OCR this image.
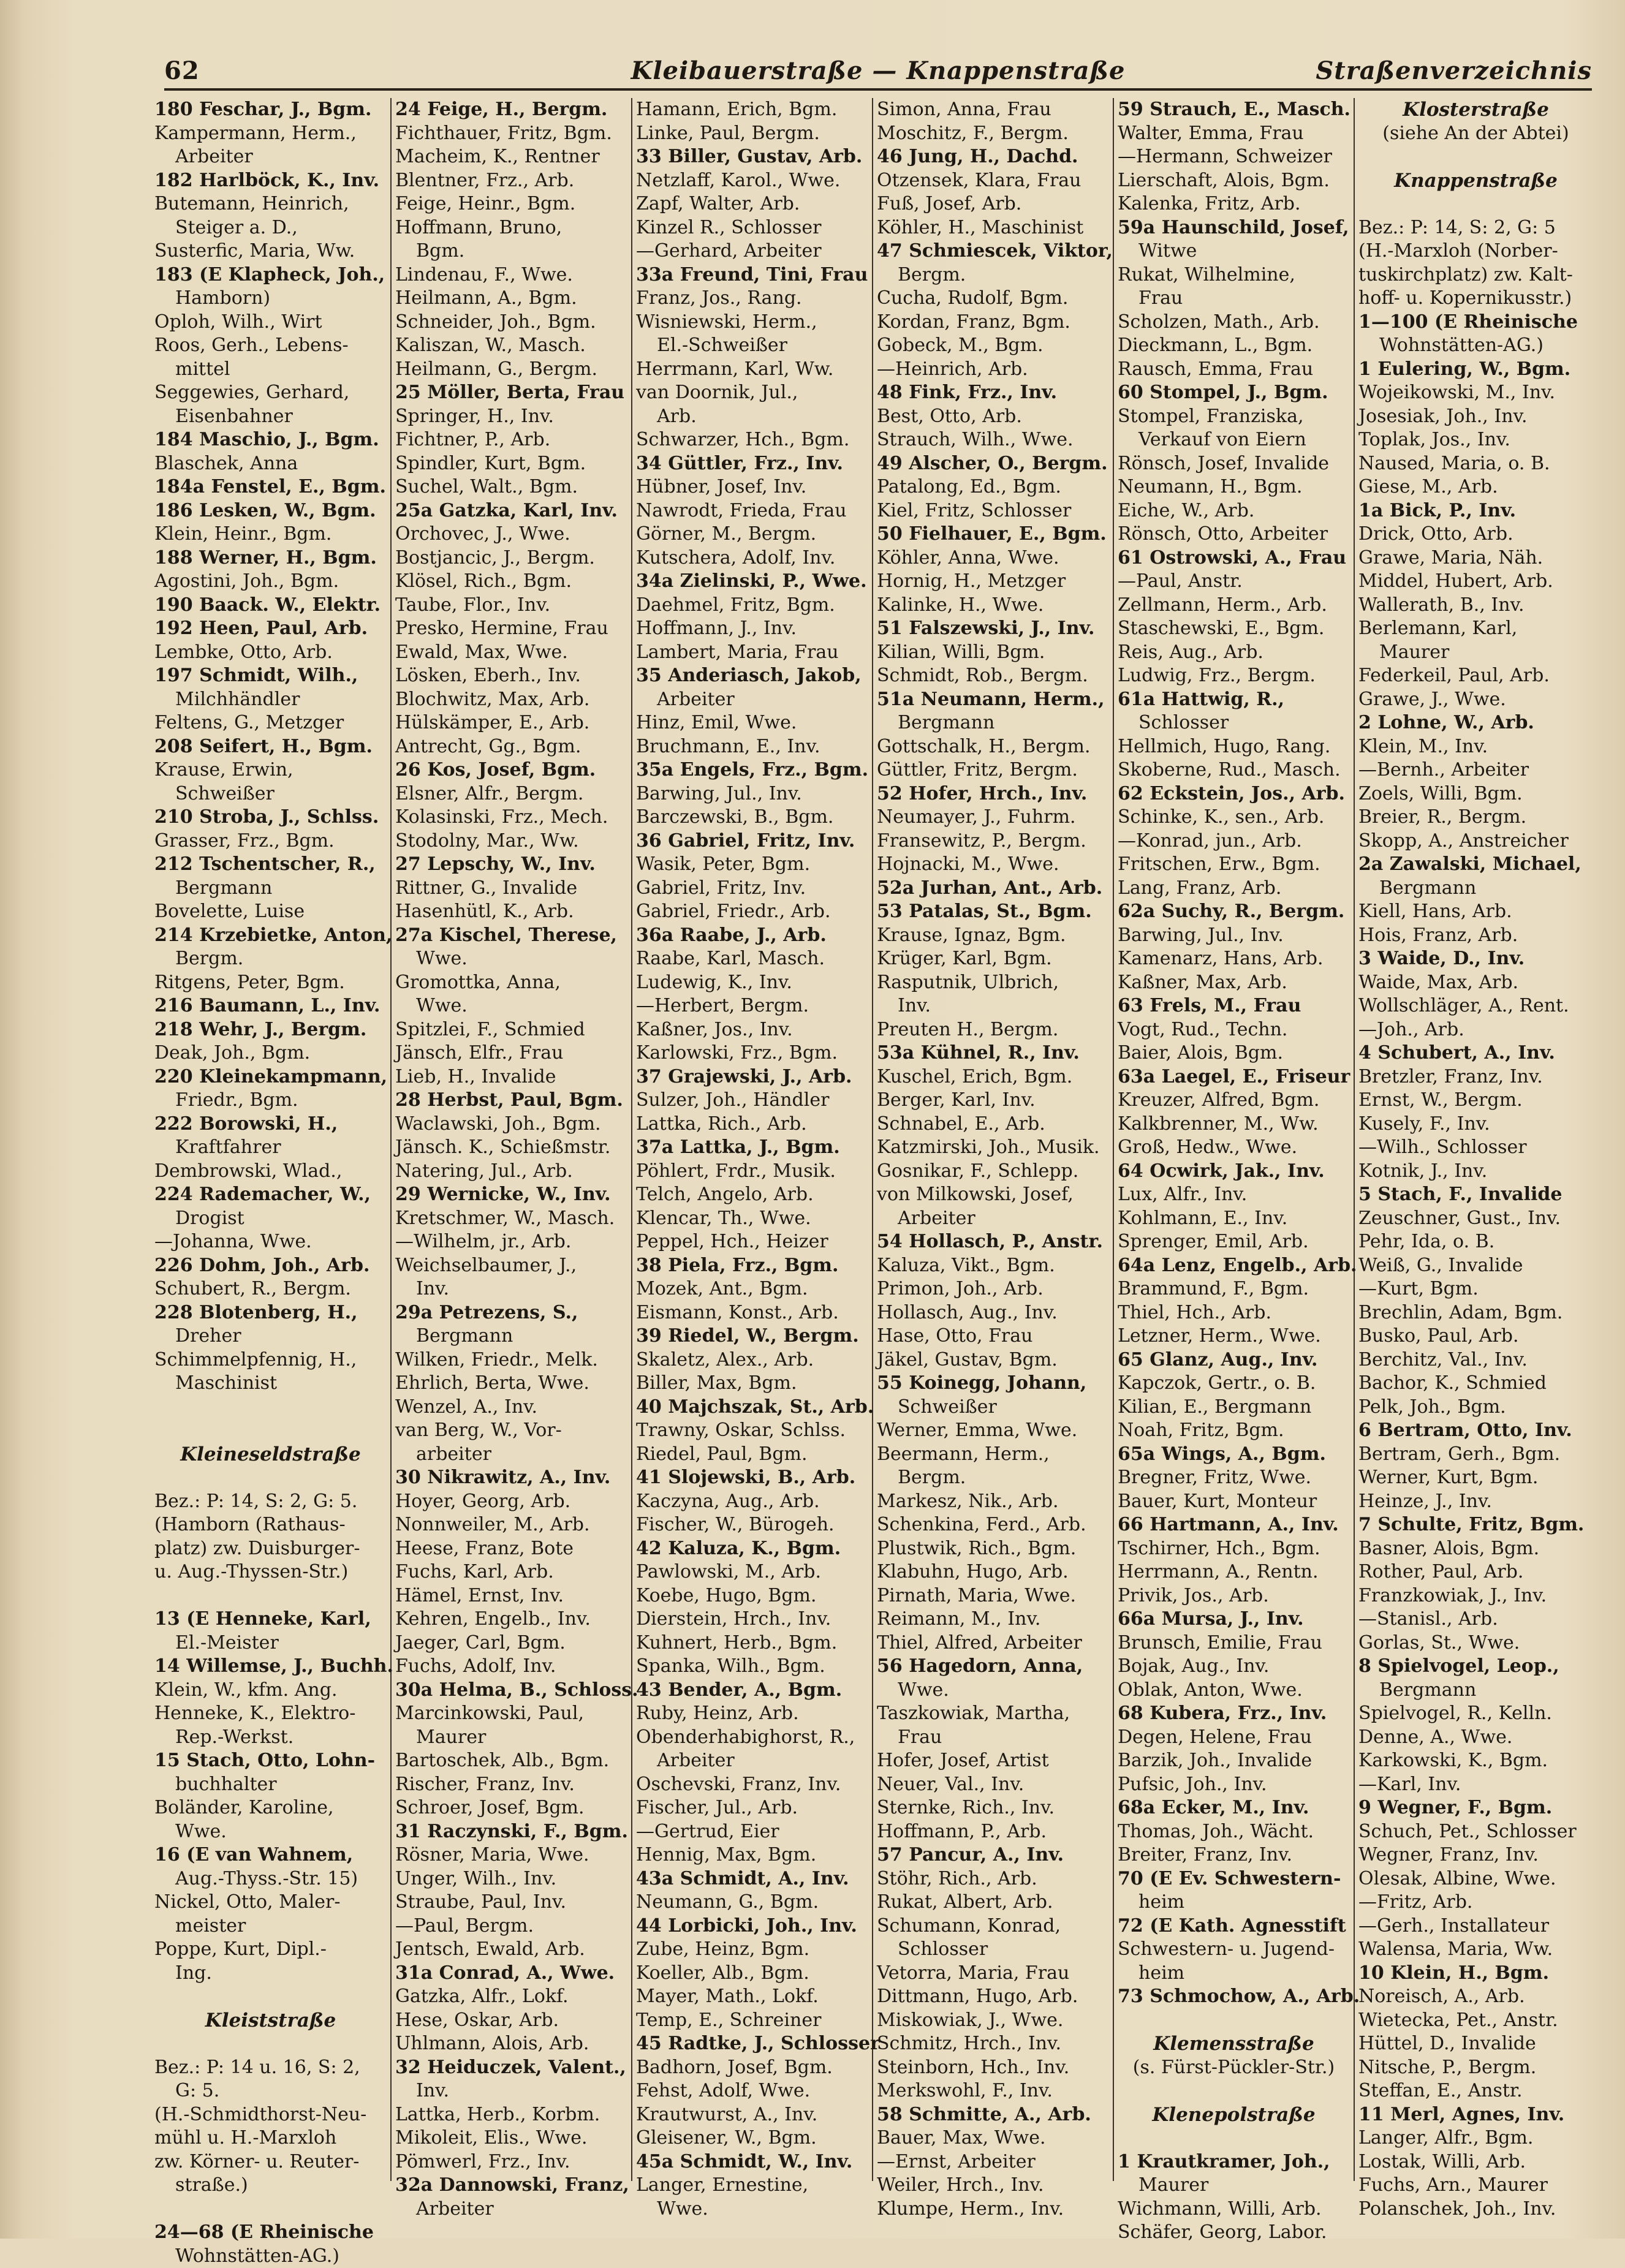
62	Kleibauerstraße — Knappenstraße	Straßenverzeichnis
180 Feschar, J., Bgm.
Kampermann, Herm.,
Arbeiter
182 Harlböck, K., Inv.
Butemann, Heinrich,
Steiger a. D.,
Susterfic, Maria, Ww.
183 (E Klapheck, Joh.,
Hamborn)
Oploh, Wilh., Wirt
Roos, Gerh., Lebens-
mittel
Seggewies, Gerhard,
Eisenbahner
184 Maschio, J., Bgm.
Blaschek, Anna
184a Fenstel, E., Bgm.
186 Lesken, W., Bgm.
Klein, Heinr., Bgm.
188 Werner, H., Bgm.
Agostini, Joh., Bgm.
190 Baack. W., Elektr.
192 Heen, Paul, Arb.
Lembke, Otto, Arb.
197 Schmidt, Wilh.,
Milchhändler
Feltens, G., Metzger
208 Seifert, H., Bgm.
Krause, Erwin,
Schweißer
210 Stroba, J., Schlss.
Grasser, Frz., Bgm.
212 Tschentscher, R.,
Bergmann
Bovelette, Luise
214 Krzebietke, Anton,
Bergm.
Ritgens, Peter, Bgm.
216 Baumann, L., Inv.
218 Wehr, J., Bergm.
Deak, Joh., Bgm.
220 Kleinekampmann,
Friedr., Bgm.
222 Borowski, H.,
Kraftfahrer
Dembrowski, Wlad.,
224 Rademacher, W.,
Drogist
—Johanna, Wwe.
226 Dohm, Joh., Arb.
Schubert, R., Bergm.
228 Blotenberg, H.,
Dreher
Schimmelpfennig, H.,
Maschinist
Kleineseldstraße
Bez.: P: 14, S: 2, G: 5.
(Hamborn (Rathaus-
platz) zw. Duisburger-
u. Aug.-Thyssen-Str.)
13 (E Henneke, Karl,
El.-Meister
14 Willemse, J., Buchh.
Klein, W., kfm. Ang.
Henneke, K., Elektro-
Rep.-Werkst.
15 Stach, Otto, Lohn-
buchhalter
Boländer, Karoline,
Wwe.
16 (E van Wahnem,
Aug.-Thyss.-Str. 15)
Nickel, Otto, Maler-
meister
Poppe, Kurt, Dipl.-
Ing.
Kleiststraße
Bez.: P: 14 u. 16, S: 2,
G: 5.
(H.-Schmidthorst-Neu-
mühl u. H.-Marxloh
zw. Körner- u. Reuter-
straße.)
24—68 (E Rheinische
Wohnstätten-AG.)
24 Feige, H., Bergm.
Fichthauer, Fritz, Bgm.
Macheim, K., Rentner
Blentner, Frz., Arb.
Feige, Heinr., Bgm.
Hoffmann, Bruno,
Bgm.
Lindenau, F., Wwe.
Heilmann, A., Bgm.
Schneider, Joh., Bgm.
Kaliszan, W., Masch.
Heilmann, G., Bergm.
25 Möller, Berta, Frau
Springer, H., Inv.
Fichtner, P., Arb.
Spindler, Kurt, Bgm.
Suchel, Walt., Bgm.
25a Gatzka, Karl, Inv.
Orchovec, J., Wwe.
Bostjancic, J., Bergm.
Klösel, Rich., Bgm.
Taube, Flor., Inv.
Presko, Hermine, Frau
Ewald, Max, Wwe.
Lösken, Eberh., Inv.
Blochwitz, Max, Arb.
Hülskämper, E., Arb.
Antrecht, Gg., Bgm.
26 Kos, Josef, Bgm.
Elsner, Alfr., Bergm.
Kolasinski, Frz., Mech.
Stodolny, Mar., Ww.
27 Lepschy, W., Inv.
Rittner, G., Invalide
Hasenhütl, K., Arb.
27a Kischel, Therese,
Wwe.
Gromottka, Anna,
Wwe.
Spitzlei, F., Schmied
Jänsch, Elfr., Frau
Lieb, H., Invalide
28 Herbst, Paul, Bgm.
Waclawski, Joh., Bgm.
Jänsch. K., Schießmstr.
Natering, Jul., Arb.
29 Wernicke, W., Inv.
Kretschmer, W., Masch.
—Wilhelm, jr., Arb.
Weichselbaumer, J.,
Inv.
29a Petrezens, S.,
Bergmann
Wilken, Friedr., Melk.
Ehrlich, Berta, Wwe.
Wenzel, A., Inv.
van Berg, W., Vor-
arbeiter
30 Nikrawitz, A., Inv.
Hoyer, Georg, Arb.
Nonnweiler, M., Arb.
Heese, Franz, Bote
Fuchs, Karl, Arb.
Hämel, Ernst, Inv.
Kehren, Engelb., Inv.
Jaeger, Carl, Bgm.
Fuchs, Adolf, Inv.
30a Helma, B., Schloss.
Marcinkowski, Paul,
Maurer
Bartoschek, Alb., Bgm.
Rischer, Franz, Inv.
Schroer, Josef, Bgm.
31 Raczynski, F., Bgm.
Rösner, Maria, Wwe.
Unger, Wilh., Inv.
Straube, Paul, Inv.
—Paul, Bergm.
Jentsch, Ewald, Arb.
31a Conrad, A., Wwe.
Gatzka, Alfr., Lokf.
Hese, Oskar, Arb.
Uhlmann, Alois, Arb.
32 Heiduczek, Valent.,
Inv.
Lattka, Herb., Korbm.
Mikoleit, Elis., Wwe.
Pömwerl, Frz., Inv.
32a Dannowski, Franz,
Arbeiter
Hamann, Erich, Bgm.
Linke, Paul, Bergm.
33 Biller, Gustav, Arb.
Netzlaff, Karol., Wwe.
Zapf, Walter, Arb.
Kinzel R., Schlosser
—Gerhard, Arbeiter
33a Freund, Tini, Frau
Franz, Jos., Rang.
Wisniewski, Herm.,
El.-Schweißer
Herrmann, Karl, Ww.
van Doornik, Jul.,
Arb.
Schwarzer, Hch., Bgm.
34 Güttler, Frz., Inv.
Hübner, Josef, Inv.
Nawrodt, Frieda, Frau
Görner, M., Bergm.
Kutschera, Adolf, Inv.
34a Zielinski, P., Wwe.
Daehmel, Fritz, Bgm.
Hoffmann, J., Inv.
Lambert, Maria, Frau
35 Anderiasch, Jakob,
Arbeiter
Hinz, Emil, Wwe.
Bruchmann, E., Inv.
35a Engels, Frz., Bgm.
Barwing, Jul., Inv.
Barczewski, B., Bgm.
36 Gabriel, Fritz, Inv.
Wasik, Peter, Bgm.
Gabriel, Fritz, Inv.
Gabriel, Friedr., Arb.
36a Raabe, J., Arb.
Raabe, Karl, Masch.
Ludewig, K., Inv.
—Herbert, Bergm.
Kaßner, Jos., Inv.
Karlowski, Frz., Bgm.
37 Grajewski, J., Arb.
Sulzer, Joh., Händler
Lattka, Rich., Arb.
37a Lattka, J., Bgm.
Pöhlert, Frdr., Musik.
Telch, Angelo, Arb.
Klencar, Th., Wwe.
Peppel, Hch., Heizer
38 Piela, Frz., Bgm.
Mozek, Ant., Bgm.
Eismann, Konst., Arb.
39 Riedel, W., Bergm.
Skaletz, Alex., Arb.
Biller, Max, Bgm.
40 Majchszak, St., Arb.
Trawny, Oskar, Schlss.
Riedel, Paul, Bgm.
41 Slojewski, B., Arb.
Kaczyna, Aug., Arb.
Fischer, W., Bürogeh.
42 Kaluza, K., Bgm.
Pawlowski, M., Arb.
Koebe, Hugo, Bgm.
Dierstein, Hrch., Inv.
Kuhnert, Herb., Bgm.
Spanka, Wilh., Bgm.
43 Bender, A., Bgm.
Ruby, Heinz, Arb.
Obenderhabighorst, R.,
Arbeiter
Oschevski, Franz, Inv.
Fischer, Jul., Arb.
—Gertrud, Eier
Hennig, Max, Bgm.
43a Schmidt, A., Inv.
Neumann, G., Bgm.
44 Lorbicki, Joh., Inv.
Zube, Heinz, Bgm.
Koeller, Alb., Bgm.
Mayer, Math., Lokf.
Temp, E., Schreiner
45 Radtke, J., Schlosser
Badhorn, Josef, Bgm.
Fehst, Adolf, Wwe.
Krautwurst, A., Inv.
Gleisener, W., Bgm.
45a Schmidt, W., Inv.
Langer, Ernestine,
Wwe.
Simon, Anna, Frau
Moschitz, F., Bergm.
46 Jung, H., Dachd.
Otzensek, Klara, Frau
Fuß, Josef, Arb.
Köhler, H., Maschinist
47 Schmiescek, Viktor,
Bergm.
Cucha, Rudolf, Bgm.
Kordan, Franz, Bgm.
Gobeck, M., Bgm.
—Heinrich, Arb.
48 Fink, Frz., Inv.
Best, Otto, Arb.
Strauch, Wilh., Wwe.
49 Alscher, O., Bergm.
Patalong, Ed., Bgm.
Kiel, Fritz, Schlosser
50 Fielhauer, E., Bgm.
Köhler, Anna, Wwe.
Hornig, H., Metzger
Kalinke, H., Wwe.
51 Falszewski, J., Inv.
Kilian, Willi, Bgm.
Schmidt, Rob., Bergm.
51a Neumann, Herm.,
Bergmann
Gottschalk, H., Bergm.
Güttler, Fritz, Bergm.
52 Hofer, Hrch., Inv.
Neumayer, J., Fuhrm.
Fransewitz, P., Bergm.
Hojnacki, M., Wwe.
52a Jurhan, Ant., Arb.
53 Patalas, St., Bgm.
Krause, Ignaz, Bgm.
Krüger, Karl, Bgm.
Rasputnik, Ulbrich,
Inv.
Preuten H., Bergm.
53a Kühnel, R., Inv.
Kuschel, Erich, Bgm.
Berger, Karl, Inv.
Schnabel, E., Arb.
Katzmirski, Joh., Musik.
Gosnikar, F., Schlepp.
von Milkowski, Josef,
Arbeiter
54 Hollasch, P., Anstr.
Kaluza, Vikt., Bgm.
Primon, Joh., Arb.
Hollasch, Aug., Inv.
Hase, Otto, Frau
Jäkel, Gustav, Bgm.
55 Koinegg, Johann,
Schweißer
Werner, Emma, Wwe.
Beermann, Herm.,
Bergm.
Markesz, Nik., Arb.
Schenkina, Ferd., Arb.
Plustwik, Rich., Bgm.
Klabuhn, Hugo, Arb.
Pirnath, Maria, Wwe.
Reimann, M., Inv.
Thiel, Alfred, Arbeiter
56 Hagedorn, Anna,
Wwe.
Taszkowiak, Martha,
Frau
Hofer, Josef, Artist
Neuer, Val., Inv.
Sternke, Rich., Inv.
Hoffmann, P., Arb.
57 Pancur, A., Inv.
Stöhr, Rich., Arb.
Rukat, Albert, Arb.
Schumann, Konrad,
Schlosser
Vetorra, Maria, Frau
Dittmann, Hugo, Arb.
Miskowiak, J., Wwe.
Schmitz, Hrch., Inv.
Steinborn, Hch., Inv.
Merkswohl, F., Inv.
58 Schmitte, A., Arb.
Bauer, Max, Wwe.
—Ernst, Arbeiter
Weiler, Hrch., Inv.
Klumpe, Herm., Inv.
59 Strauch, E., Masch.
Walter, Emma, Frau
—Hermann, Schweizer
Lierschaft, Alois, Bgm.
Kalenka, Fritz, Arb.
59a Haunschild, Josef,
Witwe
Rukat, Wilhelmine,
Frau
Scholzen, Math., Arb.
Dieckmann, L., Bgm.
Rausch, Emma, Frau
60 Stompel, J., Bgm.
Stompel, Franziska,
Verkauf von Eiern
Rönsch, Josef, Invalide
Neumann, H., Bgm.
Eiche, W., Arb.
Rönsch, Otto, Arbeiter
61 Ostrowski, A., Frau
—Paul, Anstr.
Zellmann, Herm., Arb.
Staschewski, E., Bgm.
Reis, Aug., Arb.
Ludwig, Frz., Bergm.
61a Hattwig, R.,
Schlosser
Hellmich, Hugo, Rang.
Skoberne, Rud., Masch.
62 Eckstein, Jos., Arb.
Schinke, K., sen., Arb.
—Konrad, jun., Arb.
Fritschen, Erw., Bgm.
Lang, Franz, Arb.
62a Suchy, R., Bergm.
Barwing, Jul., Inv.
Kamenarz, Hans, Arb.
Kaßner, Max, Arb.
63 Frels, M., Frau
Vogt, Rud., Techn.
Baier, Alois, Bgm.
63a Laegel, E., Friseur
Kreuzer, Alfred, Bgm.
Kalkbrenner, M., Ww.
Groß, Hedw., Wwe.
64 Ocwirk, Jak., Inv.
Lux, Alfr., Inv.
Kohlmann, E., Inv.
Sprenger, Emil, Arb.
64a Lenz, Engelb., Arb.
Brammund, F., Bgm.
Thiel, Hch., Arb.
Letzner, Herm., Wwe.
65 Glanz, Aug., Inv.
Kapczok, Gertr., o. B.
Kilian, E., Bergmann
Noah, Fritz, Bgm.
65a Wings, A., Bgm.
Bregner, Fritz, Wwe.
Bauer, Kurt, Monteur
66 Hartmann, A., Inv.
Tschirner, Hch., Bgm.
Herrmann, A., Rentn.
Privik, Jos., Arb.
66a Mursa, J., Inv.
Brunsch, Emilie, Frau
Bojak, Aug., Inv.
Oblak, Anton, Wwe.
68 Kubera, Frz., Inv.
Degen, Helene, Frau
Barzik, Joh., Invalide
Pufsic, Joh., Inv.
68a Ecker, M., Inv.
Thomas, Joh., Wächt.
Breiter, Franz, Inv.
70 (E Ev. Schwestern-
heim
72 (E Kath. Agnesstift
Schwestern- u. Jugend-
heim
73 Schmochow, A., Arb.
Klemensstraße
(s. Fürst-Pückler-Str.)
Klenepolstraße
1 Krautkramer, Joh.,
Maurer
Wichmann, Willi, Arb.
Schäfer, Georg, Labor.
Klosterstraße
(siehe An der Abtei)
Knappenstraße
Bez.: P: 14, S: 2, G: 5
(H.-Marxloh (Norber-
tuskirchplatz) zw. Kalt-
hoff- u. Kopernikusstr.)
1—100 (E Rheinische
Wohnstätten-AG.)
1 Eulering, W., Bgm.
Wojeikowski, M., Inv.
Josesiak, Joh., Inv.
Toplak, Jos., Inv.
Naused, Maria, o. B.
Giese, M., Arb.
1a Bick, P., Inv.
Drick, Otto, Arb.
Grawe, Maria, Näh.
Middel, Hubert, Arb.
Wallerath, B., Inv.
Berlemann, Karl,
Maurer
Federkeil, Paul, Arb.
Grawe, J., Wwe.
2 Lohne, W., Arb.
Klein, M., Inv.
—Bernh., Arbeiter
Zoels, Willi, Bgm.
Breier, R., Bergm.
Skopp, A., Anstreicher
2a Zawalski, Michael,
Bergmann
Kiell, Hans, Arb.
Hois, Franz, Arb.
3 Waide, D., Inv.
Waide, Max, Arb.
Wollschläger, A., Rent.
—Joh., Arb.
4 Schubert, A., Inv.
Bretzler, Franz, Inv.
Ernst, W., Bergm.
Kusely, F., Inv.
—Wilh., Schlosser
Kotnik, J., Inv.
5 Stach, F., Invalide
Zeuschner, Gust., Inv.
Pehr, Ida, o. B.
Weiß, G., Invalide
—Kurt, Bgm.
Brechlin, Adam, Bgm.
Busko, Paul, Arb.
Berchitz, Val., Inv.
Bachor, K., Schmied
Pelk, Joh., Bgm.
6 Bertram, Otto, Inv.
Bertram, Gerh., Bgm.
Werner, Kurt, Bgm.
Heinze, J., Inv.
7 Schulte, Fritz, Bgm.
Basner, Alois, Bgm.
Rother, Paul, Arb.
Franzkowiak, J., Inv.
—Stanisl., Arb.
Gorlas, St., Wwe.
8 Spielvogel, Leop.,
Bergmann
Spielvogel, R., Kelln.
Denne, A., Wwe.
Karkowski, K., Bgm.
—Karl, Inv.
9 Wegner, F., Bgm.
Schuch, Pet., Schlosser
Wegner, Franz, Inv.
Olesak, Albine, Wwe.
—Fritz, Arb.
—Gerh., Installateur
Walensa, Maria, Ww.
10 Klein, H., Bgm.
Noreisch, A., Arb.
Wietecka, Pet., Anstr.
Hüttel, D., Invalide
Nitsche, P., Bergm.
Steffan, E., Anstr.
11 Merl, Agnes, Inv.
Langer, Alfr., Bgm.
Lostak, Willi, Arb.
Fuchs, Arn., Maurer
Polanschek, Joh., Inv.
